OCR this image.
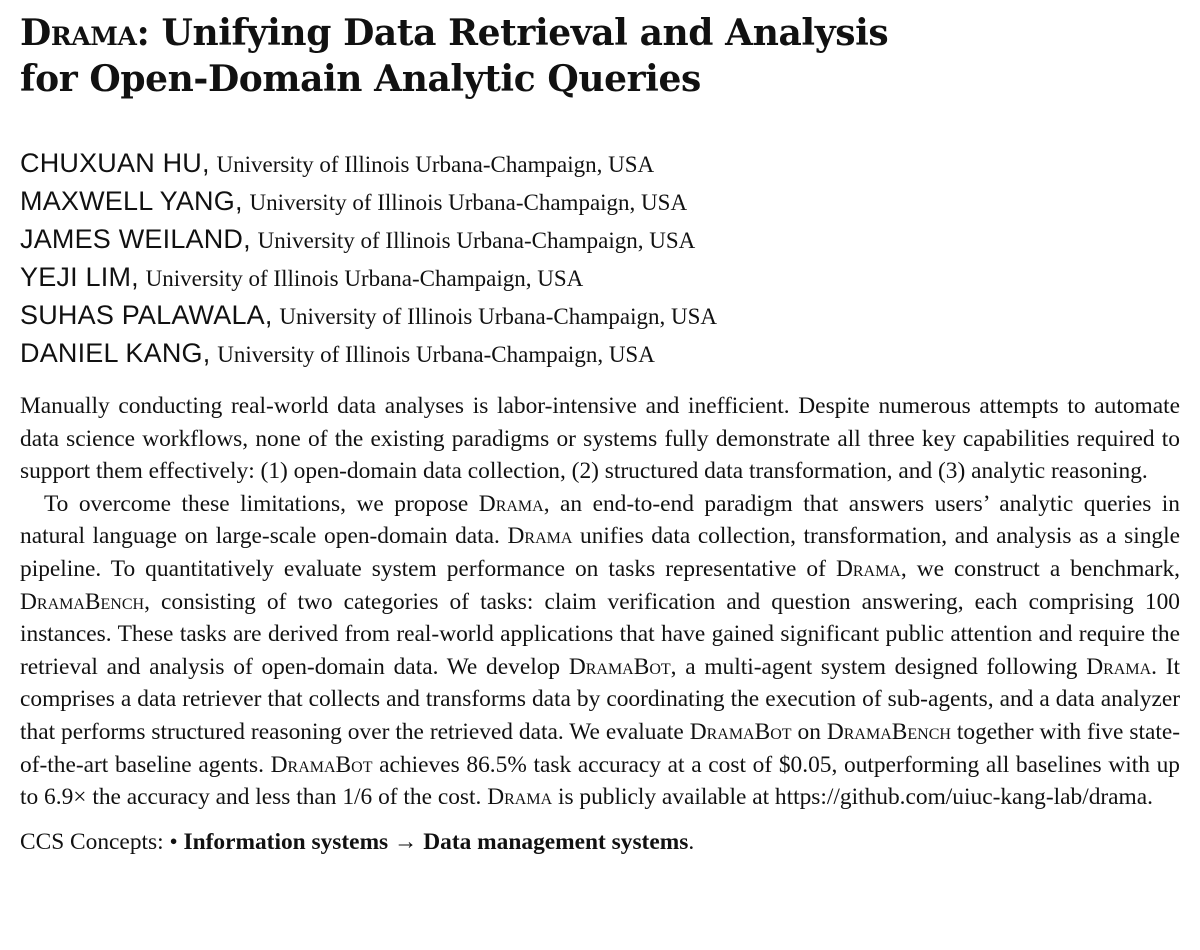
Drama: Unifying Data Retrieval and Analysis
for Open-Domain Analytic Queries
CHUXUAN HU, University of Illinois Urbana-Champaign, USA
MAXWELL YANG, University of Illinois Urbana-Champaign, USA
JAMES WEILAND, University of Illinois Urbana-Champaign, USA
YEJI LIM, University of Illinois Urbana-Champaign, USA
SUHAS PALAWALA, University of Illinois Urbana-Champaign, USA
DANIEL KANG, University of Illinois Urbana-Champaign, USA

Manually conducting real-world data analyses is labor-intensive and inefficient. Despite numerous attempts to automate data science workflows, none of the existing paradigms or systems fully demonstrate all three key capabilities required to support them effectively: (1) open-domain data collection, (2) structured data transformation, and (3) analytic reasoning.

To overcome these limitations, we propose Drama, an end-to-end paradigm that answers users’ analytic queries in natural language on large-scale open-domain data. Drama unifies data collection, transformation, and analysis as a single pipeline. To quantitatively evaluate system performance on tasks representative of Drama, we construct a benchmark, DramaBench, consisting of two categories of tasks: claim verification and question answering, each comprising 100 instances. These tasks are derived from real-world applications that have gained significant public attention and require the retrieval and analysis of open-domain data. We develop DramaBot, a multi-agent system designed following Drama. It comprises a data retriever that collects and transforms data by coordinating the execution of sub-agents, and a data analyzer that performs structured reasoning over the retrieved data. We evaluate DramaBot on DramaBench together with five state-of-the-art baseline agents. DramaBot achieves 86.5% task accuracy at a cost of $0.05, outperforming all baselines with up to 6.9× the accuracy and less than 1/6 of the cost. Drama is publicly available at https://github.com/uiuc-kang-lab/drama.

CCS Concepts: • Information systems → Data management systems.
